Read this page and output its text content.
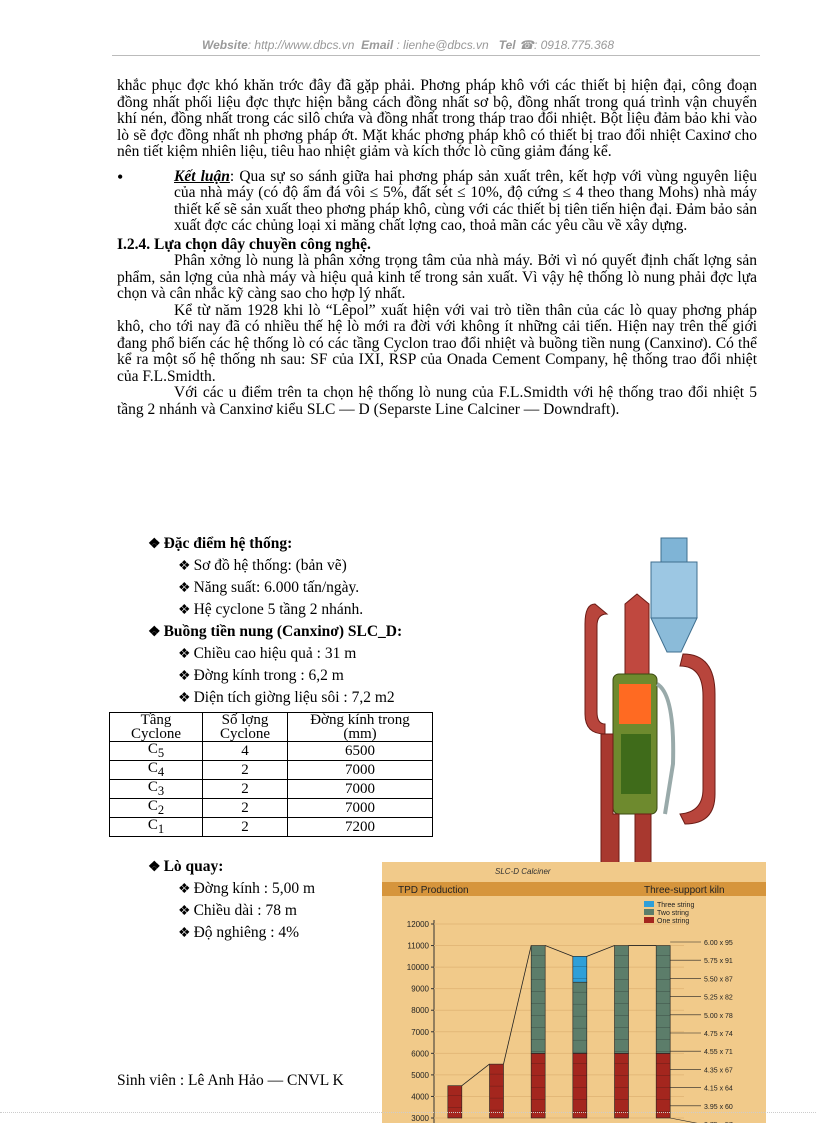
Website: http://www.dbcs.vn Email : lienhe@dbcs.vn Tel ☎: 0918.775.368

khắc phục đợc khó khăn trớc đây đã gặp phải. Phơng pháp khô với các thiết bị hiện đại, công đoạn đồng nhất phối liệu đợc thực hiện bằng cách đồng nhất sơ bộ, đồng nhất trong quá trình vận chuyển khí nén, đồng nhất trong các silô chứa và đồng nhất trong tháp trao đổi nhiệt. Bột liệu đảm bảo khi vào lò sẽ đợc đồng nhất nh phơng pháp ớt. Mặt khác phơng pháp khô có thiết bị trao đổi nhiệt Caxinơ cho nên tiết kiệm nhiên liệu, tiêu hao nhiệt giảm và kích thớc lò cũng giảm đáng kể.

•	Kết luận: Qua sự so sánh giữa hai phơng pháp sản xuất trên, kết hợp với vùng nguyên liệu của nhà máy (có độ ẩm đá vôi ≤ 5%, đất sét ≤ 10%, độ cứng ≤ 4 theo thang Mohs) nhà máy thiết kế sẽ sản xuất theo phơng pháp khô, cùng với các thiết bị tiên tiến hiện đại. Đảm bảo sản xuất đợc các chủng loại xi măng chất lợng cao, thoả mãn các yêu cầu về xây dựng.

I.2.4. Lựa chọn dây chuyền công nghệ.

Phân xởng lò nung là phân xởng trọng tâm của nhà máy. Bởi vì nó quyết định chất lợng sản phẩm, sản lợng của nhà máy và hiệu quả kinh tế trong sản xuất. Vì vậy hệ thống lò nung phải đợc lựa chọn và cân nhắc kỹ càng sao cho hợp lý nhất.

Kể từ năm 1928 khi lò “Lêpol” xuất hiện với vai trò tiền thân của các lò quay phơng pháp khô, cho tới nay đã có nhiều thế hệ lò mới ra đời với không ít những cải tiến. Hiện nay trên thế giới đang phổ biến các hệ thống lò có các tầng Cyclon trao đổi nhiệt và buồng tiền nung (Canxinơ). Có thể kể ra một số hệ thống nh sau: SF của IXI, RSP của Onada Cement Company, hệ thống trao đổi nhiệt của F.L.Smidth.

Với các u điểm trên ta chọn hệ thống lò nung của F.L.Smidth với hệ thống trao đổi nhiệt 5 tầng 2 nhánh và Canxinơ kiểu SLC — D (Separste Line Calciner — Downdraft).

❖ Đặc điểm hệ thống:
❖ Sơ đồ hệ thống: (bản vẽ)
❖ Năng suất: 6.000 tấn/ngày.
❖ Hệ cyclone 5 tầng 2 nhánh.
❖ Buồng tiền nung (Canxinơ) SLC_D:
❖ Chiều cao hiệu quả : 31 m
❖ Đờng kính trong : 6,2 m
❖ Diện tích giờng liệu sôi : 7,2 m2
Tầng Cyclone	Số lợng Cyclone	Đờng kính trong (mm)
$C_5$	4	6500
$C_4$	2	7000
$C_3$	2	7000
$C_2$	2	7000
$C_1$	2	7200
❖ Lò quay:
❖ Đờng kính : 5,00 m
❖ Chiều dài : 78 m
❖ Độ nghiêng : 4%
SLC-D Calciner
TPD Production	Three-support kiln
Three string
Two string
One string
3000
4000
5000
6000
7000
8000
9000
10000
11000
12000
6.00 x 95
5.75 x 91
5.50 x 87
5.25 x 82
5.00 x 78
4.75 x 74
4.55 x 71
4.35 x 67
4.15 x 64
3.95 x 60
Sinh viên : Lê Anh Hảo — CNVL K
